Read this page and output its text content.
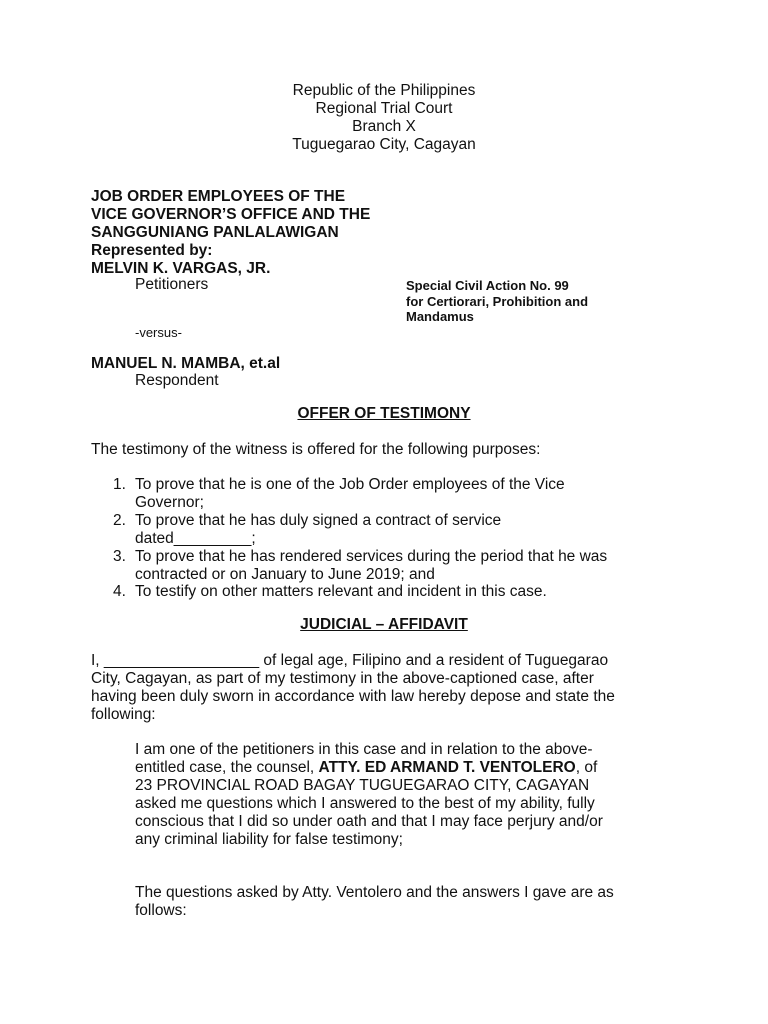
Republic of the Philippines
Regional Trial Court
Branch X
Tuguegarao City, Cagayan
JOB ORDER EMPLOYEES OF THE
VICE GOVERNOR’S OFFICE AND THE
SANGGUNIANG PANLALAWIGAN
Represented by:
MELVIN K. VARGAS, JR.
Petitioners	Special Civil Action No. 99
for Certiorari, Prohibition and
Mandamus
-versus-
MANUEL N. MAMBA, et.al
Respondent
OFFER OF TESTIMONY
The testimony of the witness is offered for the following purposes:
1. To prove that he is one of the Job Order employees of the Vice
Governor;
2. To prove that he has duly signed a contract of service
dated_________;
3. To prove that he has rendered services during the period that he was
contracted or on January to June 2019; and
4. To testify on other matters relevant and incident in this case.
JUDICIAL – AFFIDAVIT
I, __________________ of legal age, Filipino and a resident of Tuguegarao
City, Cagayan, as part of my testimony in the above-captioned case, after
having been duly sworn in accordance with law hereby depose and state the
following:
I am one of the petitioners in this case and in relation to the above-
entitled case, the counsel, ATTY. ED ARMAND T. VENTOLERO, of
23 PROVINCIAL ROAD BAGAY TUGUEGARAO CITY, CAGAYAN
asked me questions which I answered to the best of my ability, fully
conscious that I did so under oath and that I may face perjury and/or
any criminal liability for false testimony;
The questions asked by Atty. Ventolero and the answers I gave are as
follows:
